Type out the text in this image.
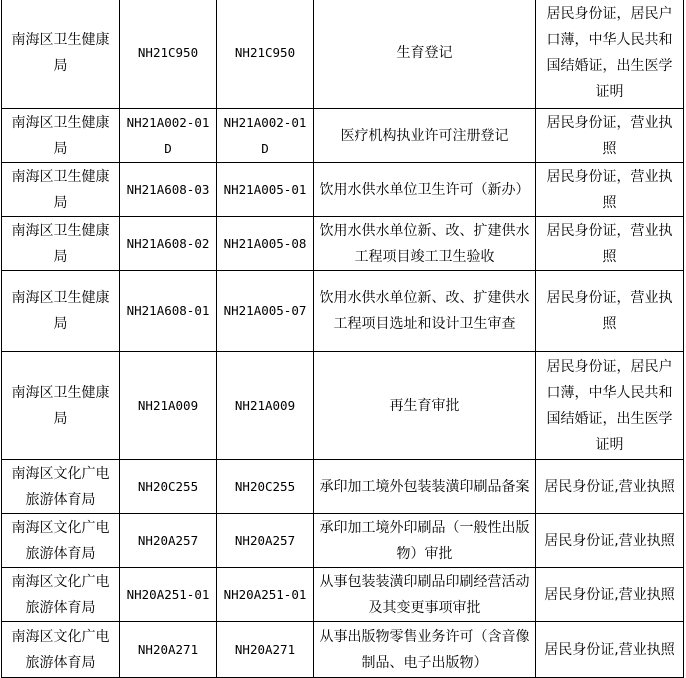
南海区卫生健康局	NH21C950	NH21C950	生育登记	居民身份证，居民户口薄，中华人民共和国结婚证，出生医学证明
南海区卫生健康局	NH21A002-01D	NH21A002-01D	医疗机构执业许可注册登记	居民身份证，营业执照
南海区卫生健康局	NH21A608-03	NH21A005-01	饮用水供水单位卫生许可（新办）	居民身份证，营业执照
南海区卫生健康局	NH21A608-02	NH21A005-08	饮用水供水单位新、改、扩建供水工程项目竣工卫生验收	居民身份证，营业执照
南海区卫生健康局	NH21A608-01	NH21A005-07	饮用水供水单位新、改、扩建供水工程项目选址和设计卫生审查	居民身份证，营业执照
南海区卫生健康局	NH21A009	NH21A009	再生育审批	居民身份证，居民户口薄，中华人民共和国结婚证，出生医学证明
南海区文化广电旅游体育局	NH20C255	NH20C255	承印加工境外包装装潢印刷品备案	居民身份证,营业执照
南海区文化广电旅游体育局	NH20A257	NH20A257	承印加工境外印刷品（一般性出版物）审批	居民身份证,营业执照
南海区文化广电旅游体育局	NH20A251-01	NH20A251-01	从事包装装潢印刷品印刷经营活动及其变更事项审批	居民身份证,营业执照
南海区文化广电旅游体育局	NH20A271	NH20A271	从事出版物零售业务许可（含音像制品、电子出版物）	居民身份证,营业执照
